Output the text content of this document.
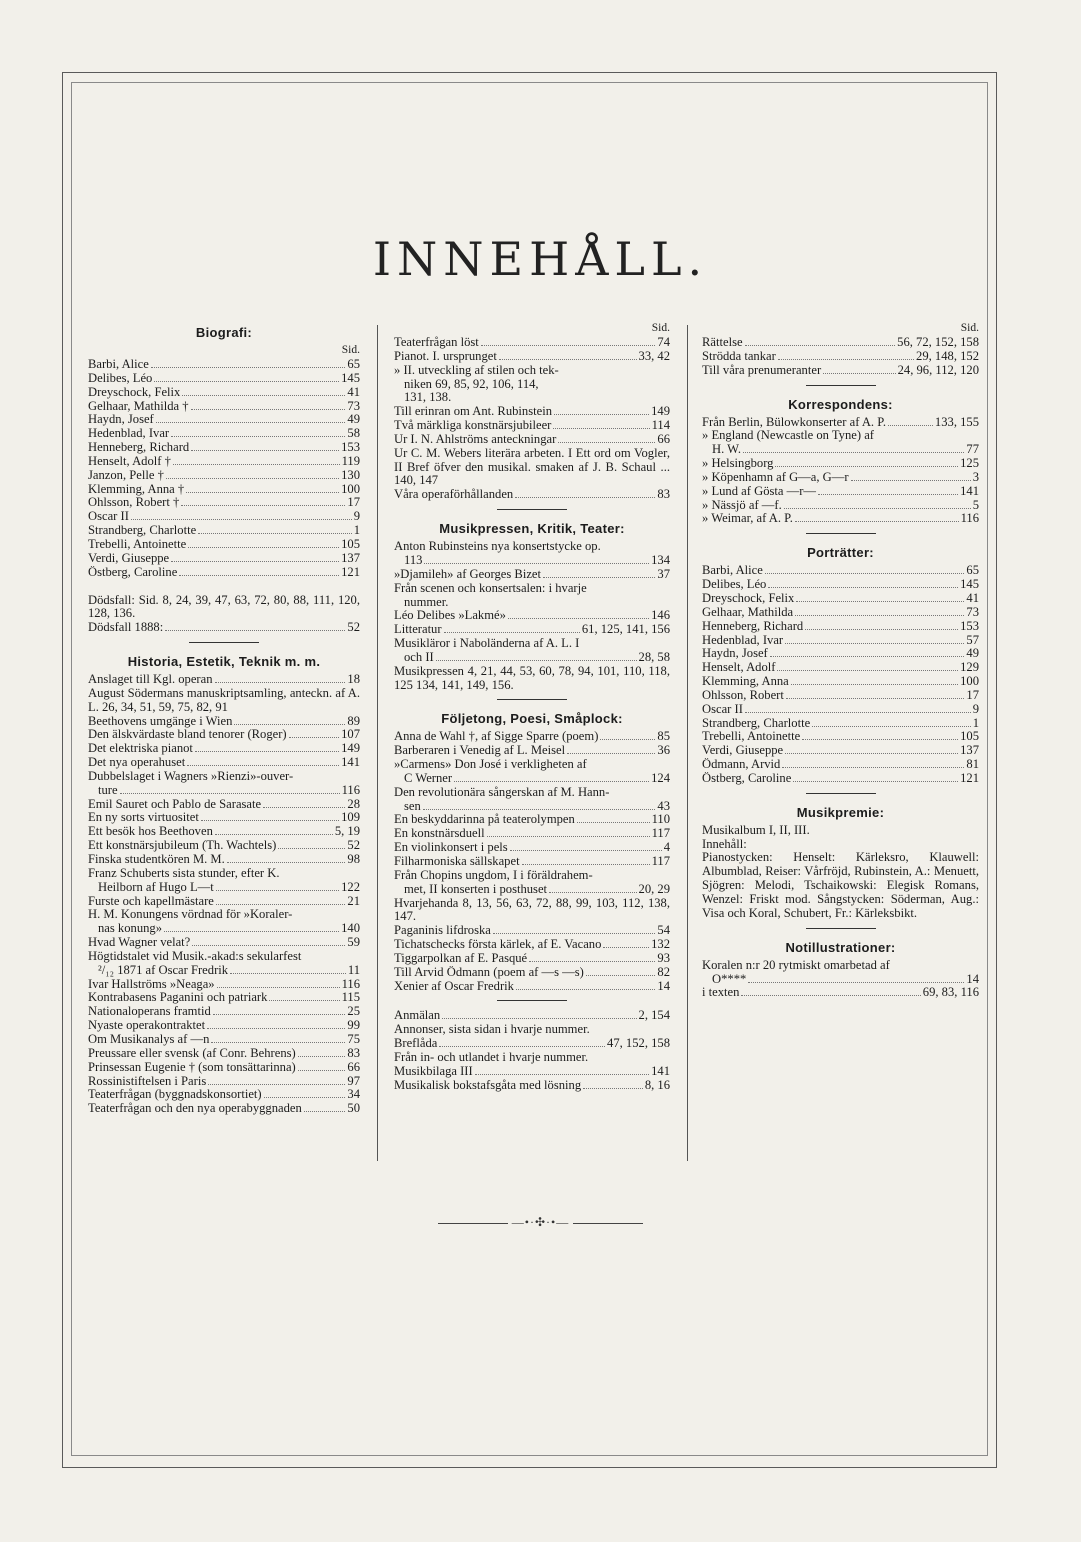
INNEHÅLL.
Biografi:
Sid.
Barbi, Alice	65
Delibes, Léo	145
Dreyschock, Felix	41
Gelhaar, Mathilda †	73
Haydn, Josef	49
Hedenblad, Ivar	58
Henneberg, Richard	153
Henselt, Adolf †	119
Janzon, Pelle †	130
Klemming, Anna †	100
Ohlsson, Robert †	17
Oscar II	9
Strandberg, Charlotte	1
Trebelli, Antoinette	105
Verdi, Giuseppe	137
Östberg, Caroline	121
Dödsfall: Sid. 8, 24, 39, 47, 63, 72, 80, 88, 111, 120, 128, 136.
Dödsfall 1888:	52
Historia, Estetik, Teknik m. m.
Anslaget till Kgl. operan	18
August Södermans manuskriptsamling, anteckn. af A. L. 26, 34, 51, 59, 75, 82, 91
Beethovens umgänge i Wien	89
Den älskvärdaste bland tenorer (Roger)	107
Det elektriska pianot	149
Det nya operahuset	141
Dubbelslaget i Wagners »Rienzi»-ouver-
ture	116
Emil Sauret och Pablo de Sarasate	28
En ny sorts virtuositet	109
Ett besök hos Beethoven	5, 19
Ett konstnärsjubileum (Th. Wachtels)	52
Finska studentkören M. M.	98
Franz Schuberts sista stunder, efter K.
Heilborn af Hugo L—t	122
Furste och kapellmästare	21
H. M. Konungens vördnad för »Koraler-
nas konung»	140
Hvad Wagner velat?	59
Högtidstalet vid Musik.-akad:s sekularfest
²/₁₂ 1871 af Oscar Fredrik	11
Ivar Hallströms »Neaga»	116
Kontrabasens Paganini och patriark	115
Nationaloperans framtid	25
Nyaste operakontraktet	99
Om Musikanalys af —n	75
Preussare eller svensk (af Conr. Behrens)	83
Prinsessan Eugenie † (som tonsättarinna)	66
Rossinistiftelsen i Paris	97
Teaterfrågan (byggnadskonsortiet)	34
Teaterfrågan och den nya operabyggnaden	50
Sid.
Teaterfrågan löst	74
Pianot. I. ursprunget	33, 42
» II. utveckling af stilen och tek-
niken 69, 85, 92, 106, 114,
131, 138.
Till erinran om Ant. Rubinstein	149
Två märkliga konstnärsjubileer	114
Ur I. N. Ahlströms anteckningar	66
Ur C. M. Webers literära arbeten. I Ett ord om Vogler, II Bref öfver den musikal. smaken af J. B. Schaul ... 140, 147
Våra operaförhållanden	83
Musikpressen, Kritik, Teater:
Anton Rubinsteins nya konsertstycke op.
113	134
»Djamileh» af Georges Bizet	37
Från scenen och konsertsalen: i hvarje
nummer.
Léo Delibes »Lakmé»	146
Litteratur	61, 125, 141, 156
Musikläror i Naboländerna af A. L. I
och II	28, 58
Musikpressen 4, 21, 44, 53, 60, 78, 94, 101, 110, 118, 125 134, 141, 149, 156.
Följetong, Poesi, Småplock:
Anna de Wahl †, af Sigge Sparre (poem)	85
Barberaren i Venedig af L. Meisel	36
»Carmens» Don José i verkligheten af
C Werner	124
Den revolutionära sångerskan af M. Hann-
sen	43
En beskyddarinna på teaterolympen	110
En konstnärsduell	117
En violinkonsert i pels	4
Filharmoniska sällskapet	117
Från Chopins ungdom, I i föräldrahem-
met, II konserten i posthuset	20, 29
Hvarjehanda 8, 13, 56, 63, 72, 88, 99, 103, 112, 138, 147.
Paganinis lifdroska	54
Tichatschecks första kärlek, af E. Vacano	132
Tiggarpolkan af E. Pasqué	93
Till Arvid Ödmann (poem af —s —s)	82
Xenier af Oscar Fredrik	14
Anmälan	2, 154
Annonser, sista sidan i hvarje nummer.
Breflåda	47, 152, 158
Från in- och utlandet i hvarje nummer.
Musikbilaga III	141
Musikalisk bokstafsgåta med lösning	8, 16
Sid.
Rättelse	56, 72, 152, 158
Strödda tankar	29, 148, 152
Till våra prenumeranter	24, 96, 112, 120
Korrespondens:
Från Berlin, Bülowkonserter af A. P.	133, 155
» England (Newcastle on Tyne) af
H. W.	77
» Helsingborg	125
» Köpenhamn af G—a, G—r	3
» Lund af Gösta —r—	141
» Nässjö af —f.	5
» Weimar, af A. P.	116
Porträtter:
Barbi, Alice	65
Delibes, Léo	145
Dreyschock, Felix	41
Gelhaar, Mathilda	73
Henneberg, Richard	153
Hedenblad, Ivar	57
Haydn, Josef	49
Henselt, Adolf	129
Klemming, Anna	100
Ohlsson, Robert	17
Oscar II	9
Strandberg, Charlotte	1
Trebelli, Antoinette	105
Verdi, Giuseppe	137
Ödmann, Arvid	81
Östberg, Caroline	121
Musikpremie:
Musikalbum I, II, III.
Innehåll:
Pianostycken: Henselt: Kärleksro, Klauwell: Albumblad, Reiser: Vårfröjd, Rubinstein, A.: Menuett, Sjögren: Melodi, Tschaikowski: Elegisk Romans, Wenzel: Friskt mod. Sångstycken: Söderman, Aug.: Visa och Koral, Schubert, Fr.: Kärleksbikt.
Notillustrationer:
Koralen n:r 20 rytmiskt omarbetad af
O****	14
i texten	69, 83, 116
—•·✣·•—
